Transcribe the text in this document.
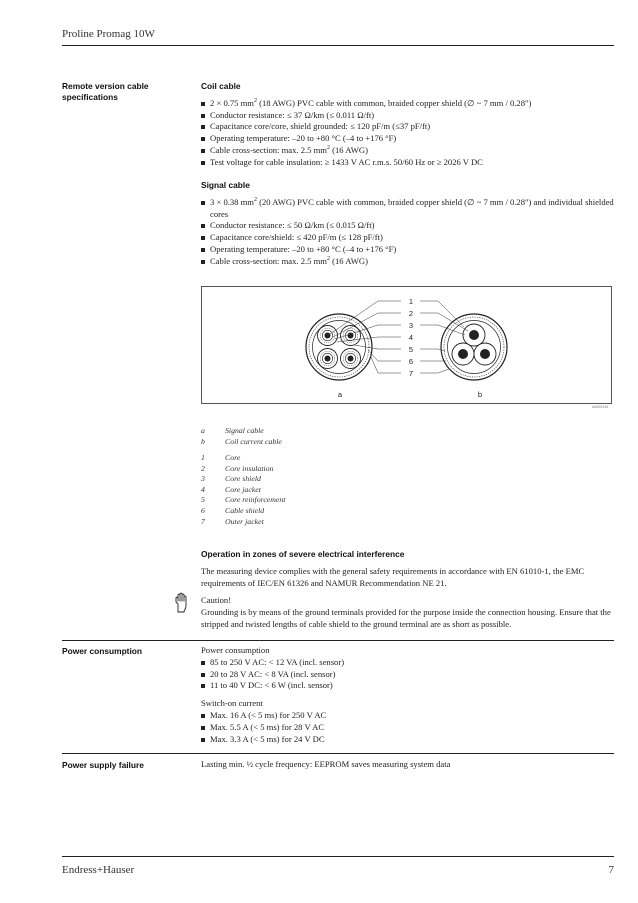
Proline Promag 10W
Remote version cable specifications
Coil cable
2 × 0.75 $mm^2$ (18 AWG) PVC cable with common, braided copper shield (∅ ~ 7 mm / 0.28")
Conductor resistance: ≤ 37 Ω/km (≤ 0.011 Ω/ft)
Capacitance core/core, shield grounded: ≤ 120 pF/m (≤37 pF/ft)
Operating temperature: –20 to +80 °C (–4 to +176 °F)
Cable cross-section: max. 2.5 $mm^2$ (16 AWG)
Test voltage for cable insulation: ≥ 1433 V AC r.m.s. 50/60 Hz or ≥ 2026 V DC
Signal cable
3 × 0.38 $mm^2$ (20 AWG) PVC cable with common, braided copper shield (∅ ~ 7 mm / 0.28") and individual shielded cores
Conductor resistance: ≤ 50 Ω/km (≤ 0.015 Ω/ft)
Capacitance core/shield: ≤ 420 pF/m (≤ 128 pF/ft)
Operating temperature: –20 to +80 °C (–4 to +176 °F)
Cable cross-section: max. 2.5 $mm^2$ (16 AWG)
1
2
3
4
5
6
7
a	b
A0003194
a	Signal cable
b	Coil current cable
1	Core
2	Core insulation
3	Core shield
4	Core jacket
5	Core reinforcement
6	Cable shield
7	Outer jacket
Operation in zones of severe electrical interference

The measuring device complies with the general safety requirements in accordance with EN 61010-1, the EMC requirements of IEC/EN 61326 and NAMUR Recommendation NE 21.

Caution!

Grounding is by means of the ground terminals provided for the purpose inside the connection housing. Ensure that the stripped and twisted lengths of cable shield to the ground terminal are as short as possible.

Power consumption	Power consumption

85 to 250 V AC: < 12 VA (incl. sensor)
20 to 28 V AC: < 8 VA (incl. sensor)
11 to 40 V DC: < 6 W (incl. sensor)

Switch-on current

Max. 16 A (< 5 ms) for 250 V AC
Max. 5.5 A (< 5 ms) for 28 V AC
Max. 3.3 A (< 5 ms) for 24 V DC
Power supply failure	Lasting min. ½ cycle frequency: EEPROM saves measuring system data
Endress+Hauser	7
